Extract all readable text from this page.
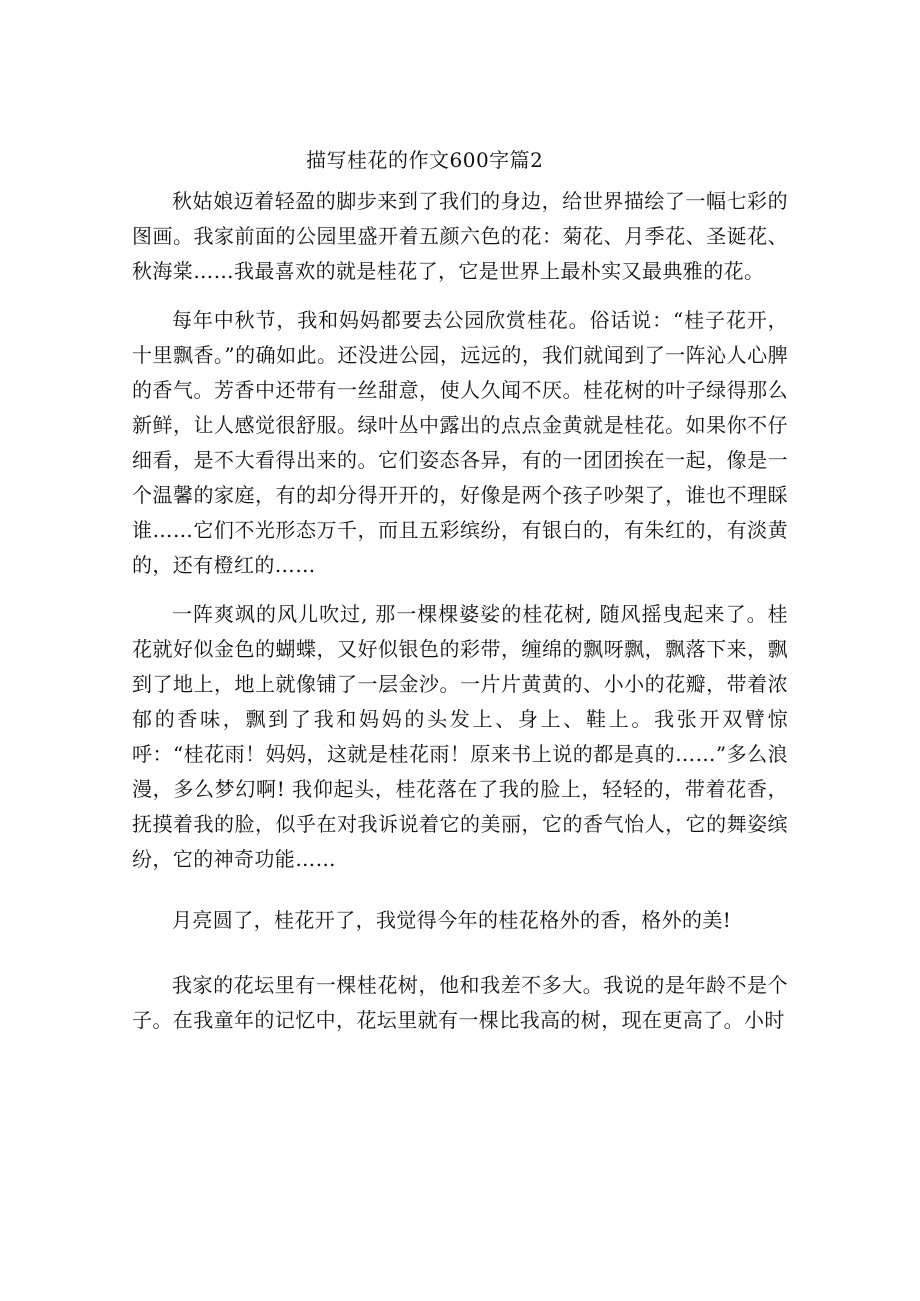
描写桂花的作文600字篇2

秋姑娘迈着轻盈的脚步来到了我们的身边，给世界描绘了一幅七彩的图画。我家前面的公园里盛开着五颜六色的花：菊花、月季花、圣诞花、秋海棠……我最喜欢的就是桂花了，它是世界上最朴实又最典雅的花。

每年中秋节，我和妈妈都要去公园欣赏桂花。俗话说：“桂子花开，十里飘香。”的确如此。还没进公园，远远的，我们就闻到了一阵沁人心脾的香气。芳香中还带有一丝甜意，使人久闻不厌。桂花树的叶子绿得那么新鲜，让人感觉很舒服。绿叶丛中露出的点点金黄就是桂花。如果你不仔细看，是不大看得出来的。它们姿态各异，有的一团团挨在一起，像是一个温馨的家庭，有的却分得开开的，好像是两个孩子吵架了，谁也不理睬谁……它们不光形态万千，而且五彩缤纷，有银白的，有朱红的，有淡黄的，还有橙红的……

一阵爽飒的风儿吹过, 那一棵棵婆娑的桂花树, 随风摇曳起来了。桂花就好似金色的蝴蝶，又好似银色的彩带，缠绵的飘呀飘，飘落下来，飘到了地上，地上就像铺了一层金沙。一片片黄黄的、小小的花瓣，带着浓郁的香味，飘到了我和妈妈的头发上、身上、鞋上。我张开双臂惊呼：“桂花雨！妈妈，这就是桂花雨！原来书上说的都是真的……”多么浪漫，多么梦幻啊! 我仰起头，桂花落在了我的脸上，轻轻的，带着花香，抚摸着我的脸，似乎在对我诉说着它的美丽，它的香气怡人，它的舞姿缤纷，它的神奇功能……

月亮圆了，桂花开了，我觉得今年的桂花格外的香，格外的美!

我家的花坛里有一棵桂花树，他和我差不多大。我说的是年龄不是个子。在我童年的记忆中，花坛里就有一棵比我高的树，现在更高了。小时
